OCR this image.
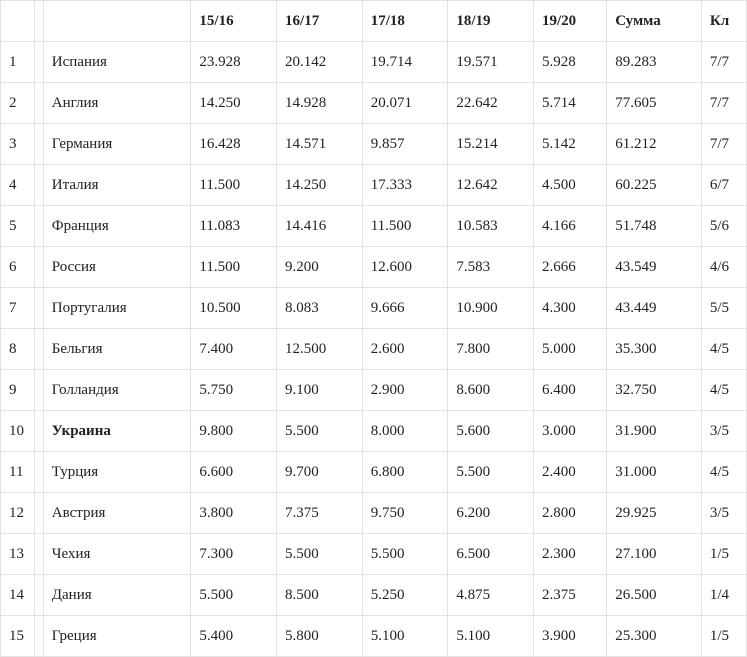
			15/16	16/17	17/18	18/19	19/20	Сумма	Кл
1		Испания	23.928	20.142	19.714	19.571	5.928	89.283	7/7
2		Англия	14.250	14.928	20.071	22.642	5.714	77.605	7/7
3		Германия	16.428	14.571	9.857	15.214	5.142	61.212	7/7
4		Италия	11.500	14.250	17.333	12.642	4.500	60.225	6/7
5		Франция	11.083	14.416	11.500	10.583	4.166	51.748	5/6
6		Россия	11.500	9.200	12.600	7.583	2.666	43.549	4/6
7		Португалия	10.500	8.083	9.666	10.900	4.300	43.449	5/5
8		Бельгия	7.400	12.500	2.600	7.800	5.000	35.300	4/5
9		Голландия	5.750	9.100	2.900	8.600	6.400	32.750	4/5
10		Украина	9.800	5.500	8.000	5.600	3.000	31.900	3/5
11		Турция	6.600	9.700	6.800	5.500	2.400	31.000	4/5
12		Австрия	3.800	7.375	9.750	6.200	2.800	29.925	3/5
13		Чехия	7.300	5.500	5.500	6.500	2.300	27.100	1/5
14		Дания	5.500	8.500	5.250	4.875	2.375	26.500	1/4
15		Греция	5.400	5.800	5.100	5.100	3.900	25.300	1/5
